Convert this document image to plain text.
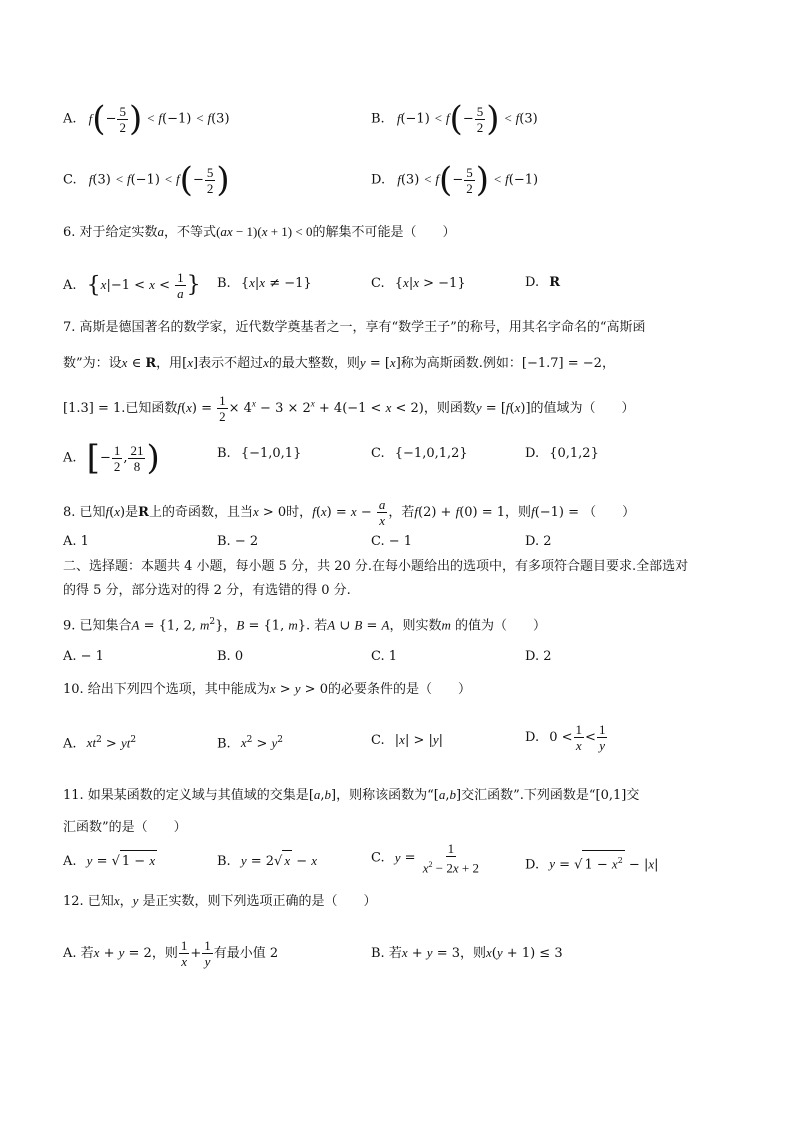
A. $f(- \frac{5}{2}$ ) < f(−1) < f(3)	B. $f(-1) < f(- \frac{5}{2}$ ) < f(3)
C. $f(3) < f(-1) < f(- \frac{5}{2}$ )	D. $f(3) < f(- \frac{5}{2}$ ) < f(−1)
6. 对于给定实数a，不等式(ax − 1)(x + 1) < 0的解集不可能是（　　）
A. {$x|-1 < x < \frac{1}{a}$ } B. {x|x ≠ −1}	C. {x|x > −1}	D. R
7. 高斯是德国著名的数学家，近代数学奠基者之一，享有“数学王子”的称号，用其名字命名的“高斯函
数”为：设x ∈ R，用[x]表示不超过x的最大整数，则y = [x]称为高斯函数.例如：[−1.7] = −2，
[1.3] = 1.已知函数$f(x) = \frac{1}{2} \times 4^x - 3 \times 2^x + 4(-1 < x < 2)$，则函数y = [f(x)]的值域为（　　）
A. [− $\frac{1}{2}$ , $\frac{21}{8}$ )	B. {−1,0,1}	C. {−1,0,1,2}	D. {0,1,2}
8. 已知f(x)是R上的奇函数，且当x > 0时，$f(x) = x - \frac{a}{x}$ ，若f(2) + f(0) = 1，则f(−1) = （　　）
A. 1	B. − 2	C. − 1	D. 2
二、选择题：本题共 4 小题，每小题 5 分，共 20 分.在每小题给出的选项中，有多项符合题目要求.全部选对
的得 5 分，部分选对的得 2 分，有选错的得 0 分.
9. 已知集合A = {1, 2, $m^2$}，B = {1, m}. 若A ∪ B = A，则实数m 的值为（　　）
A. − 1	B. 0	C. 1	D. 2
10. 给出下列四个选项，其中能成为x > y > 0的必要条件的是（　　）
A. $xt^2 > yt^2$	B. $x^2 > y^2$	C. |x| > |y|	D. $0 < \frac{1}{x} < \frac{1}{y}$
11. 如果某函数的定义域与其值域的交集是[a,b]，则称该函数为“[a,b]交汇函数”.下列函数是“[0,1]交
汇函数”的是（　　）
A. y = √ 1 − x	B. y = 2√ x − x	C. $y = \frac{1}{x^2 - 2x + 2}$	D. y = √ $1 - x^2 - |x|$
12. 已知x，y 是正实数，则下列选项正确的是（　　）
A. 若x + y = 2，则 $\frac{1}{x} + \frac{1}{y}$ 有最小值 2	B. 若x + y = 3，则x(y + 1) ≤ 3
